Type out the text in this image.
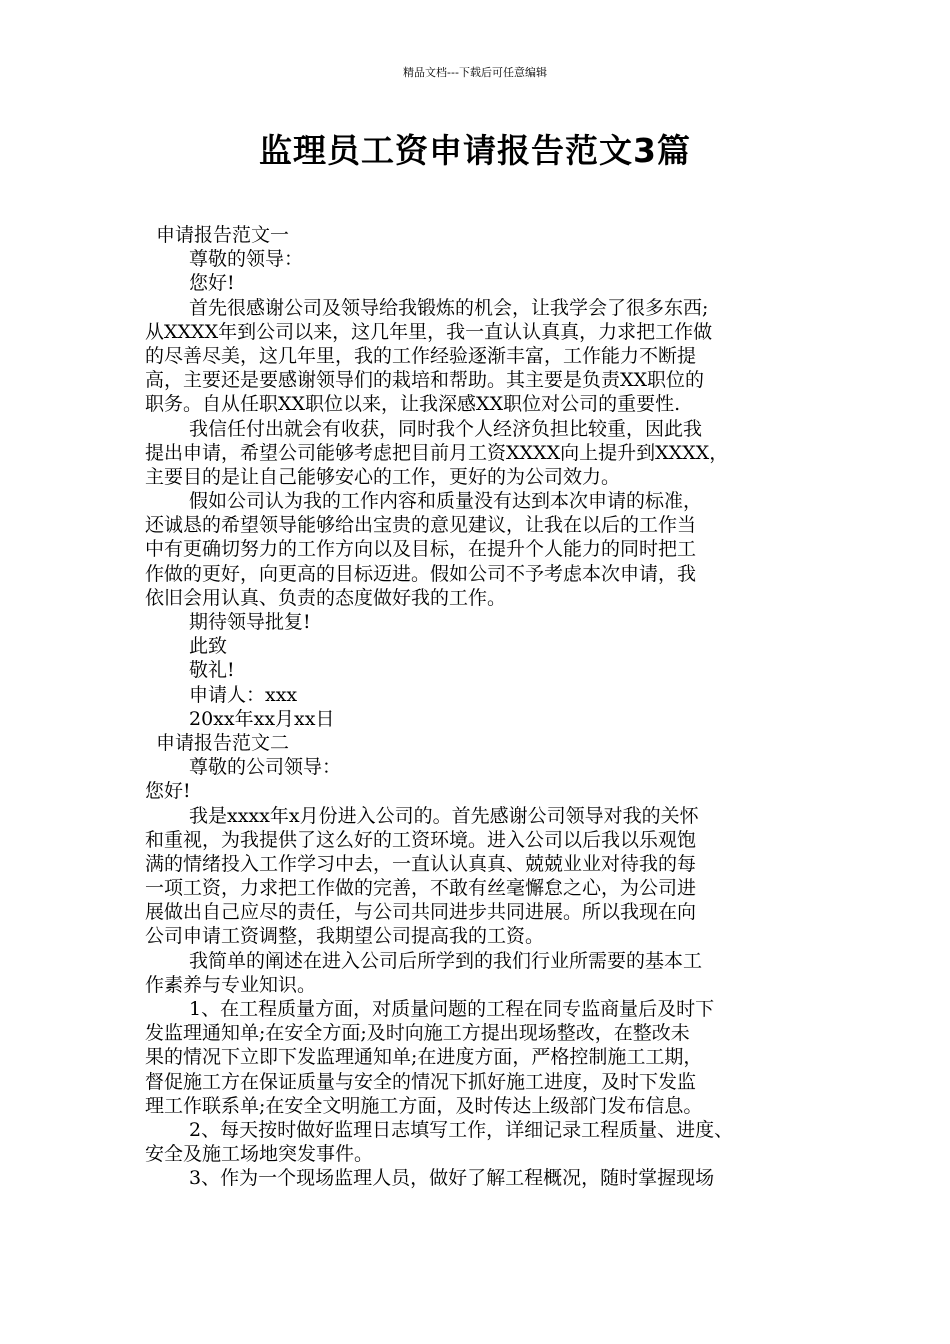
精品文档---下载后可任意编辑
监理员工资申请报告范文3篇
申请报告范文一
尊敬的领导：
您好!
首先很感谢公司及领导给我锻炼的机会，让我学会了很多东西;
从XXXX年到公司以来，这几年里，我一直认认真真，力求把工作做
的尽善尽美，这几年里，我的工作经验逐渐丰富，工作能力不断提
高，主要还是要感谢领导们的栽培和帮助。其主要是负责XX职位的
职务。自从任职XX职位以来，让我深感XX职位对公司的重要性.
我信任付出就会有收获，同时我个人经济负担比较重，因此我
提出申请，希望公司能够考虑把目前月工资XXXX向上提升到XXXX，
主要目的是让自己能够安心的工作，更好的为公司效力。
假如公司认为我的工作内容和质量没有达到本次申请的标准，
还诚恳的希望领导能够给出宝贵的意见建议，让我在以后的工作当
中有更确切努力的工作方向以及目标，在提升个人能力的同时把工
作做的更好，向更高的目标迈进。假如公司不予考虑本次申请，我
依旧会用认真、负责的态度做好我的工作。
期待领导批复!
此致
敬礼!
申请人：xxx
20xx年xx月xx日
申请报告范文二
尊敬的公司领导：
您好!
我是xxxx年x月份进入公司的。首先感谢公司领导对我的关怀
和重视，为我提供了这么好的工资环境。进入公司以后我以乐观饱
满的情绪投入工作学习中去，一直认认真真、兢兢业业对待我的每
一项工资，力求把工作做的完善，不敢有丝毫懈怠之心，为公司进
展做出自己应尽的责任，与公司共同进步共同进展。所以我现在向
公司申请工资调整，我期望公司提高我的工资。
我简单的阐述在进入公司后所学到的我们行业所需要的基本工
作素养与专业知识。
1、在工程质量方面，对质量问题的工程在同专监商量后及时下
发监理通知单;在安全方面;及时向施工方提出现场整改，在整改未
果的情况下立即下发监理通知单;在进度方面，严格控制施工工期，
督促施工方在保证质量与安全的情况下抓好施工进度，及时下发监
理工作联系单;在安全文明施工方面，及时传达上级部门发布信息。
2、每天按时做好监理日志填写工作，详细记录工程质量、进度、
安全及施工场地突发事件。
3、作为一个现场监理人员，做好了解工程概况，随时掌握现场
